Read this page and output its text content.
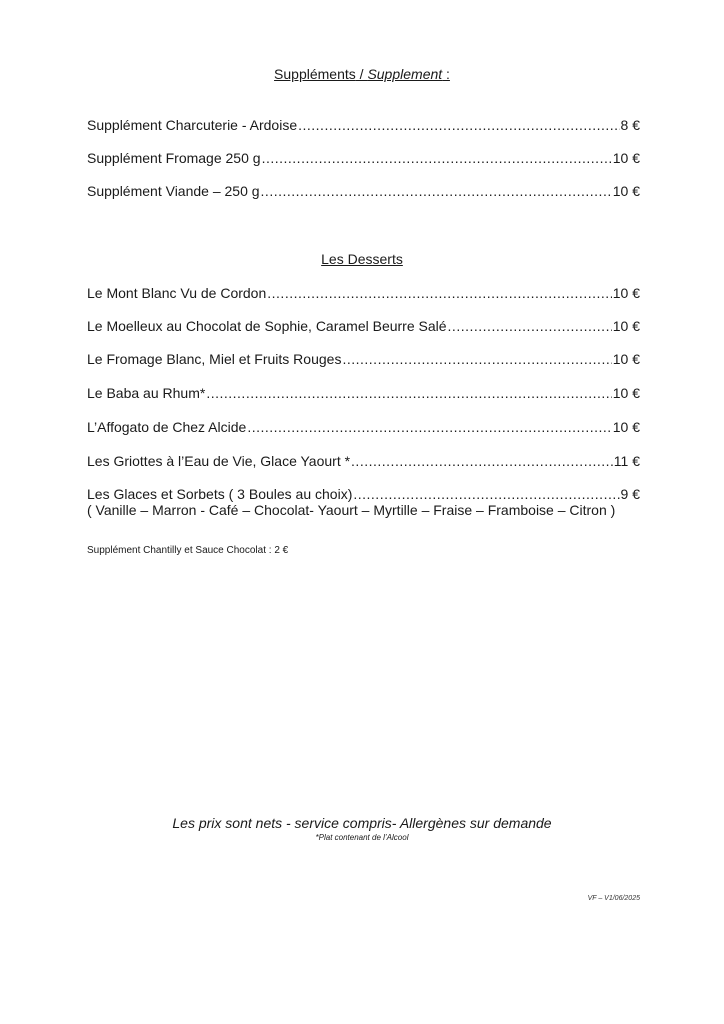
Suppléments / Supplement :
Supplément Charcuterie - Ardoise .....	8 €
Supplément Fromage 250 g .....	10 €
Supplément Viande – 250 g .....	10 €
Les Desserts
Le Mont Blanc Vu de Cordon .....	10 €
Le Moelleux au Chocolat de Sophie, Caramel Beurre Salé .....	10 €
Le Fromage Blanc, Miel et Fruits Rouges .....	10 €
Le Baba au Rhum* .....	10 €
L’Affogato de Chez Alcide .....	10 €
Les Griottes à l’Eau de Vie, Glace Yaourt * .....	11 €
Les Glaces et Sorbets ( 3 Boules au choix) .....	9 €
( Vanille – Marron - Café – Chocolat- Yaourt – Myrtille – Fraise – Framboise – Citron )
Supplément Chantilly et Sauce Chocolat : 2 €
Les prix sont nets - service compris- Allergènes sur demande
*Plat contenant de l’Alcool
VF – V1/06/2025
